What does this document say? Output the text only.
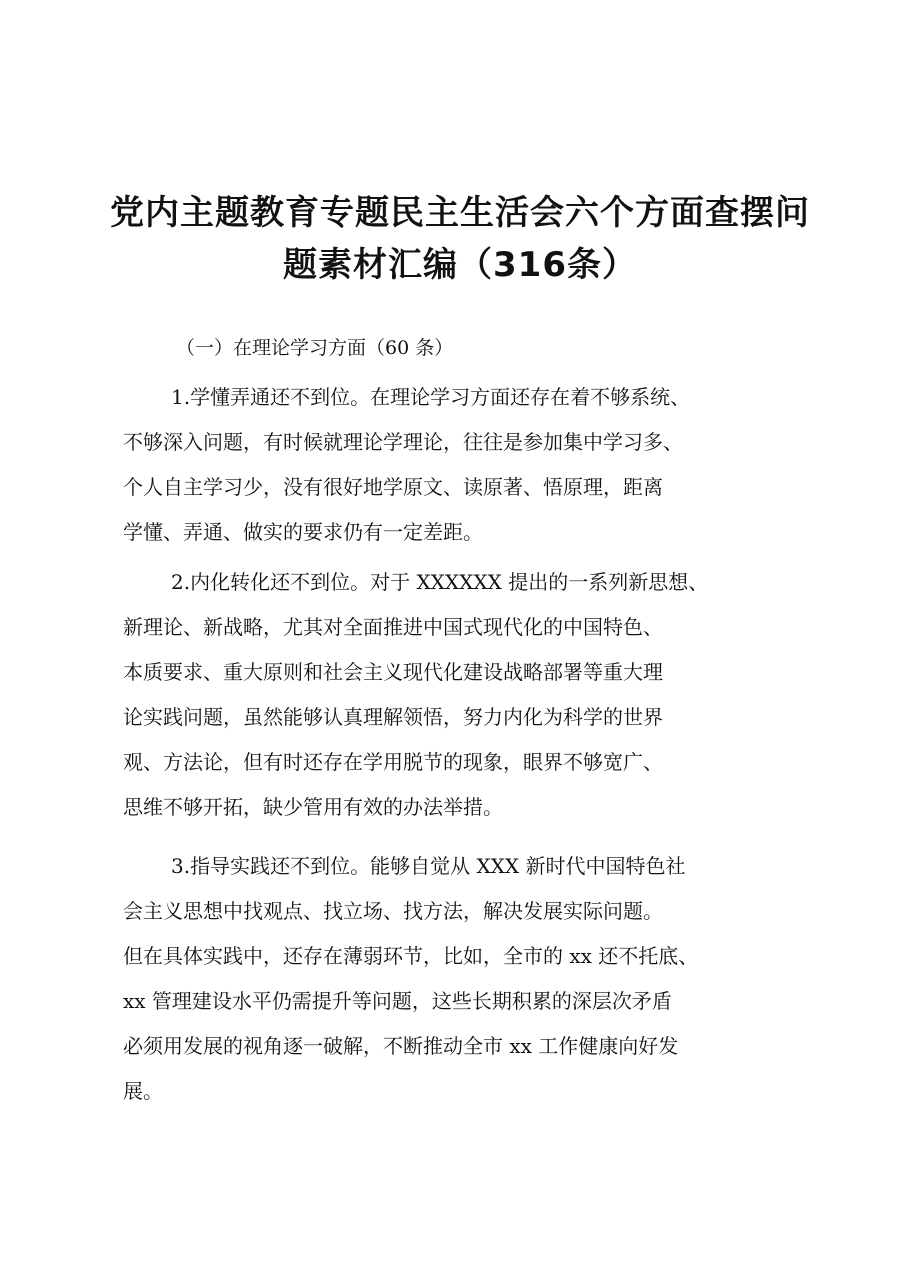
党内主题教育专题民主生活会六个方面查摆问
题素材汇编（316条）

（一）在理论学习方面（60 条）

1.学懂弄通还不到位。在理论学习方面还存在着不够系统、
不够深入问题，有时候就理论学理论，往往是参加集中学习多、
个人自主学习少，没有很好地学原文、读原著、悟原理，距离
学懂、弄通、做实的要求仍有一定差距。
2.内化转化还不到位。对于 XXXXXX 提出的一系列新思想、
新理论、新战略，尤其对全面推进中国式现代化的中国特色、
本质要求、重大原则和社会主义现代化建设战略部署等重大理
论实践问题，虽然能够认真理解领悟，努力内化为科学的世界
观、方法论，但有时还存在学用脱节的现象，眼界不够宽广、
思维不够开拓，缺少管用有效的办法举措。
3.指导实践还不到位。能够自觉从 XXX 新时代中国特色社
会主义思想中找观点、找立场、找方法，解决发展实际问题。
但在具体实践中，还存在薄弱环节，比如，全市的 xx 还不托底、
xx 管理建设水平仍需提升等问题，这些长期积累的深层次矛盾
必须用发展的视角逐一破解，不断推动全市 xx 工作健康向好发
展。
